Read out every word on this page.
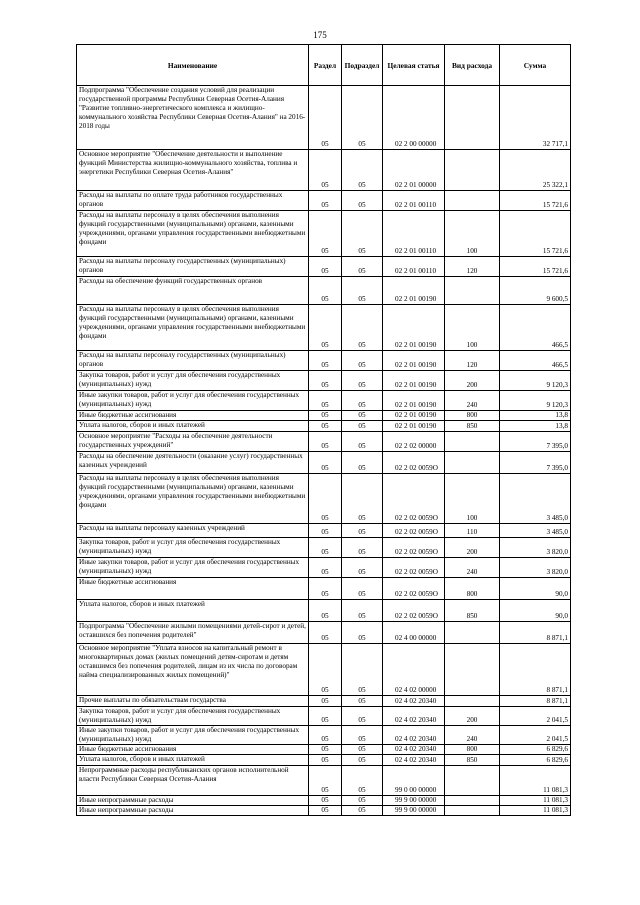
175
Наименование	Раздел	Подраздел	Целевая статья	Вид расхода	Сумма
Подпрограмма "Обеспечение создания условий для реализации государственной программы Республики Северная Осетия-Алания "Развитие топливно-энергетического комплекса и жилищно-коммунального хозяйства Республики Северная Осетия-Алания" на 2016-2018 годы	05	05	02 2 00 00000		32 717,1
Основное мероприятие "Обеспечение деятельности и выполнение функций Министерства жилищно-коммунального хозяйства, топлива и энергетики Республики Северная Осетия-Алания"	05	05	02 2 01 00000		25 322,1
Расходы на выплаты по оплате труда работников государственных органов	05	05	02 2 01 00110		15 721,6
Расходы на выплаты персоналу в целях обеспечения выполнения функций государственными (муниципальными) органами, казенными учреждениями, органами управления государственными внебюджетными фондами	05	05	02 2 01 00110	100	15 721,6
Расходы на выплаты персоналу государственных (муниципальных) органов	05	05	02 2 01 00110	120	15 721,6
Расходы на обеспечение функций государственных органов	05	05	02 2 01 00190		9 600,5
Расходы на выплаты персоналу в целях обеспечения выполнения функций государственными (муниципальными) органами, казенными учреждениями, органами управления государственными внебюджетными фондами	05	05	02 2 01 00190	100	466,5
Расходы на выплаты персоналу государственных (муниципальных) органов	05	05	02 2 01 00190	120	466,5
Закупка товаров, работ и услуг для обеспечения государственных (муниципальных) нужд	05	05	02 2 01 00190	200	9 120,3
Иные закупки товаров, работ и услуг для обеспечения государственных (муниципальных) нужд	05	05	02 2 01 00190	240	9 120,3
Иные бюджетные ассигнования	05	05	02 2 01 00190	800	13,8
Уплата налогов, сборов и иных платежей	05	05	02 2 01 00190	850	13,8
Основное мероприятие "Расходы на обеспечение деятельности государственных учреждений"	05	05	02 2 02 00000		7 395,0
Расходы на обеспечение деятельности (оказание услуг) государственных казенных учреждений	05	05	02 2 02 0059О		7 395,0
Расходы на выплаты персоналу в целях обеспечения выполнения функций государственными (муниципальными) органами, казенными учреждениями, органами управления государственными внебюджетными фондами	05	05	02 2 02 0059О	100	3 485,0
Расходы на выплаты персоналу казенных учреждений	05	05	02 2 02 0059О	110	3 485,0
Закупка товаров, работ и услуг для обеспечения государственных (муниципальных) нужд	05	05	02 2 02 0059О	200	3 820,0
Иные закупки товаров, работ и услуг для обеспечения государственных (муниципальных) нужд	05	05	02 2 02 0059О	240	3 820,0
Иные бюджетные ассигнования	05	05	02 2 02 0059О	800	90,0
Уплата налогов, сборов и иных платежей	05	05	02 2 02 0059О	850	90,0
Подпрограмма "Обеспечение жилыми помещениями детей-сирот и детей, оставшихся без попечения родителей"	05	05	02 4 00 00000		8 871,1
Основное мероприятие "Уплата взносов на капитальный ремонт в многоквартирных домах (жилых помещений детям-сиротам и детям оставшимся без попечения родителей, лицам из их числа по договорам найма специализированных жилых помещений)"	05	05	02 4 02 00000		8 871,1
Прочие выплаты по обязательствам государства	05	05	02 4 02 20340		8 871,1
Закупка товаров, работ и услуг для обеспечения государственных (муниципальных) нужд	05	05	02 4 02 20340	200	2 041,5
Иные закупки товаров, работ и услуг для обеспечения государственных (муниципальных) нужд	05	05	02 4 02 20340	240	2 041,5
Иные бюджетные ассигнования	05	05	02 4 02 20340	800	6 829,6
Уплата налогов, сборов и иных платежей	05	05	02 4 02 20340	850	6 829,6
Непрограммные расходы республиканских органов исполнительной власти Республики Северная Осетия-Алания	05	05	99 0 00 00000		11 081,3
Иные непрограммные расходы	05	05	99 9 00 00000		11 081,3
Иные непрограммные расходы	05	05	99 9 00 00000		11 081,3
